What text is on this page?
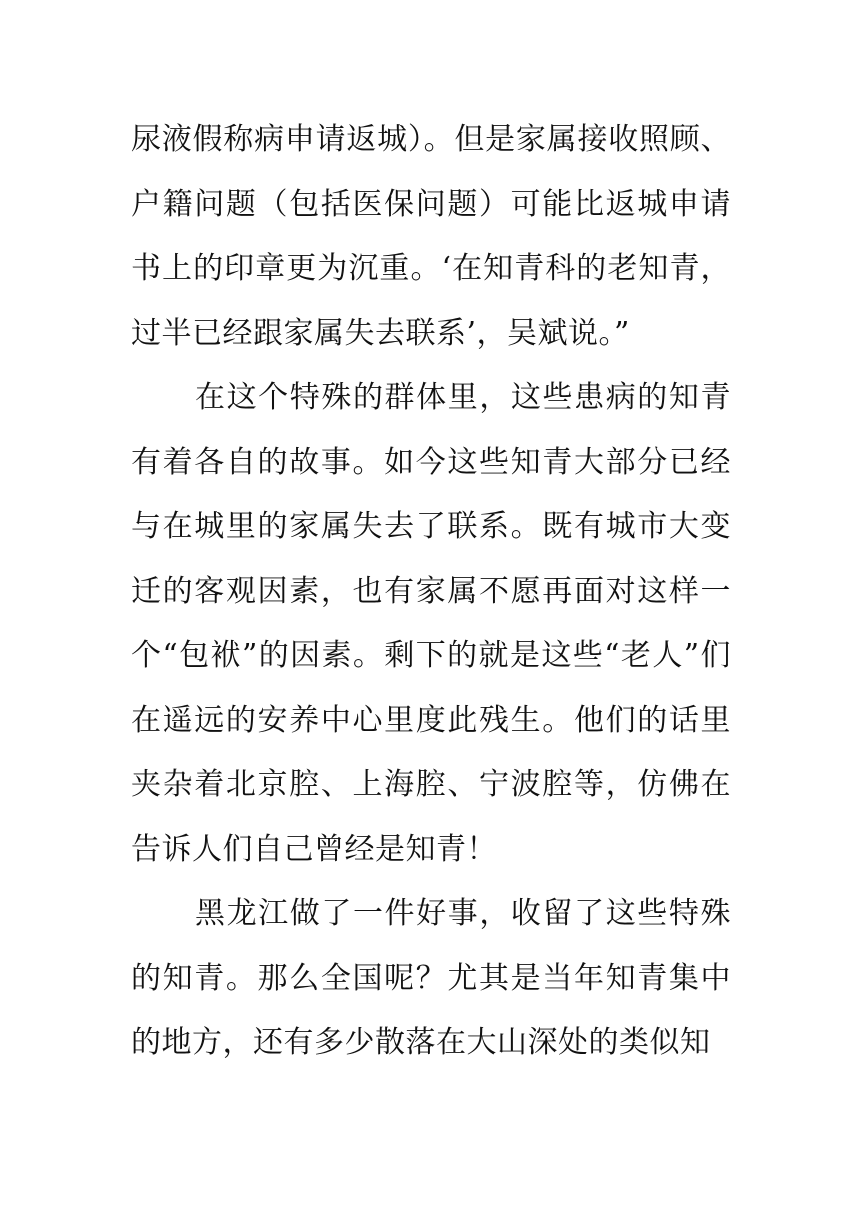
尿液假称病申请返城）。但是家属接收照顾、户籍问题（包括医保问题）可能比返城申请书上的印章更为沉重。‘在知青科的老知青，过半已经跟家属失去联系’，吴斌说。”

在这个特殊的群体里，这些患病的知青有着各自的故事。如今这些知青大部分已经与在城里的家属失去了联系。既有城市大变迁的客观因素，也有家属不愿再面对这样一个“包袱”的因素。剩下的就是这些“老人”们在遥远的安养中心里度此残生。他们的话里夹杂着北京腔、上海腔、宁波腔等，仿佛在告诉人们自己曾经是知青！

黑龙江做了一件好事，收留了这些特殊的知青。那么全国呢？尤其是当年知青集中的地方，还有多少散落在大山深处的类似知
